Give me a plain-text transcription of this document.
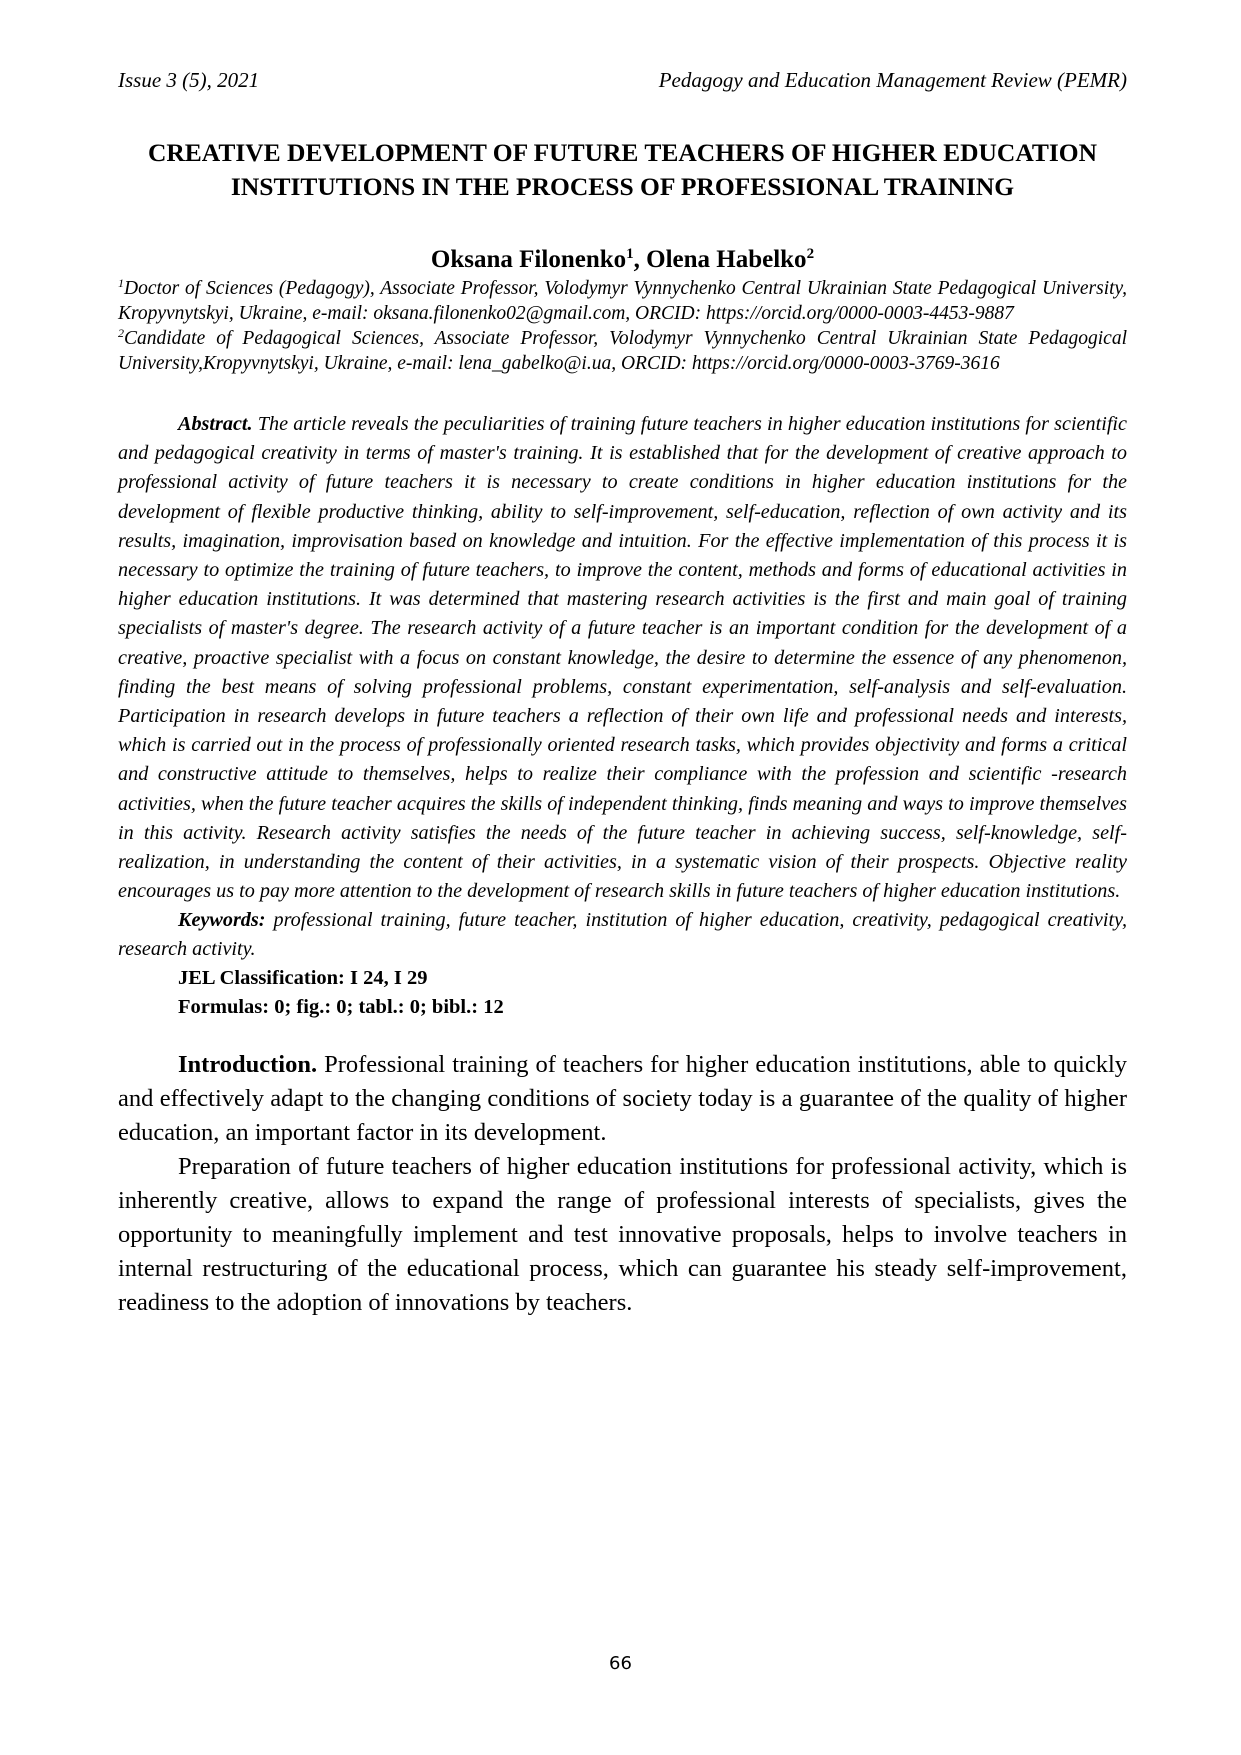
Issue 3 (5), 2021	Pedagogy and Education Management Review (PEMR)
CREATIVE DEVELOPMENT OF FUTURE TEACHERS OF HIGHER EDUCATION INSTITUTIONS IN THE PROCESS OF PROFESSIONAL TRAINING
Oksana Filonenko$^1$, Olena Habelko$^2$

$^1$Doctor of Sciences (Pedagogy), Associate Professor, Volodymyr Vynnychenko Central Ukrainian State Pedagogical University, Kropyvnytskyi, Ukraine, e-mail: oksana.filonenko02@gmail.com, ORCID: https://orcid.org/0000-0003-4453-9887

$^2$Candidate of Pedagogical Sciences, Associate Professor, Volodymyr Vynnychenko Central Ukrainian State Pedagogical University,Kropyvnytskyi, Ukraine, e-mail: lena_gabelko@i.ua, ORCID: https://orcid.org/0000-0003-3769-3616

Abstract. The article reveals the peculiarities of training future teachers in higher education institutions for scientific and pedagogical creativity in terms of master's training. It is established that for the development of creative approach to professional activity of future teachers it is necessary to create conditions in higher education institutions for the development of flexible productive thinking, ability to self-improvement, self-education, reflection of own activity and its results, imagination, improvisation based on knowledge and intuition. For the effective implementation of this process it is necessary to optimize the training of future teachers, to improve the content, methods and forms of educational activities in higher education institutions. It was determined that mastering research activities is the first and main goal of training specialists of master's degree. The research activity of a future teacher is an important condition for the development of a creative, proactive specialist with a focus on constant knowledge, the desire to determine the essence of any phenomenon, finding the best means of solving professional problems, constant experimentation, self-analysis and self-evaluation. Participation in research develops in future teachers a reflection of their own life and professional needs and interests, which is carried out in the process of professionally oriented research tasks, which provides objectivity and forms a critical and constructive attitude to themselves, helps to realize their compliance with the profession and scientific -research activities, when the future teacher acquires the skills of independent thinking, finds meaning and ways to improve themselves in this activity. Research activity satisfies the needs of the future teacher in achieving success, self-knowledge, self-realization, in understanding the content of their activities, in a systematic vision of their prospects. Objective reality encourages us to pay more attention to the development of research skills in future teachers of higher education institutions.
Keywords: professional training, future teacher, institution of higher education, creativity, pedagogical creativity, research activity.
JEL Classification: I 24, I 29
Formulas: 0; fig.: 0; tabl.: 0; bibl.: 12

Introduction. Professional training of teachers for higher education institutions, able to quickly and effectively adapt to the changing conditions of society today is a guarantee of the quality of higher education, an important factor in its development.

Preparation of future teachers of higher education institutions for professional activity, which is inherently creative, allows to expand the range of professional interests of specialists, gives the opportunity to meaningfully implement and test innovative proposals, helps to involve teachers in internal restructuring of the educational process, which can guarantee his steady self-improvement, readiness to the adoption of innovations by teachers.

66
